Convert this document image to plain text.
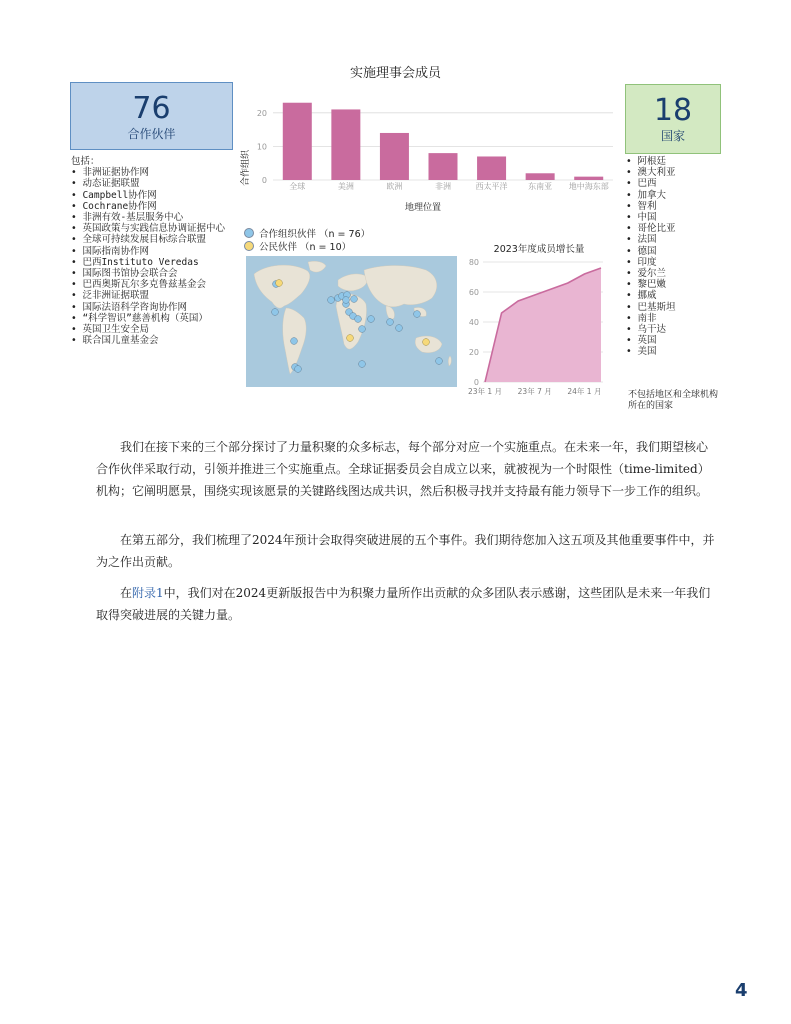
实施理事会成员
76
合作伙伴
18
国家
包括：
• 非洲证据协作网
• 动态证据联盟
• Campbell协作网
• Cochrane协作网
• 非洲有效-基层服务中心
• 英国政策与实践信息协调证据中心
• 全球可持续发展目标综合联盟
• 国际指南协作网
• 巴西Instituto Veredas
• 国际图书馆协会联合会
• 巴西奥斯瓦尔多克鲁兹基金会
• 泛非洲证据联盟
• 国际法语科学咨询协作网
• “科学智识”慈善机构（英国）
• 英国卫生安全局
• 联合国儿童基金会
• 阿根廷
• 澳大利亚
• 巴西
• 加拿大
• 智利
• 中国
• 哥伦比亚
• 法国
• 德国
• 印度
• 爱尔兰
• 黎巴嫩
• 挪威
• 巴基斯坦
• 南非
• 乌干达
• 英国
• 美国
不包括地区和全球机构所在的国家
0
10
20
全球	美洲	欧洲	非洲	西太平洋	东南亚 地中海东部
地理位置
合作组织
合作组织伙伴 （n = 76）
公民伙伴 （n = 10）	2023年度成员增长量
0
20
40
60
80
23年 1 月 23年 7 月 24年 1 月
我们在接下来的三个部分探讨了力量积聚的众多标志，每个部分对应一个实施重点。在未来一年，我们期望核心合作伙伴采取行动，引领并推进三个实施重点。全球证据委员会自成立以来，就被视为一个时限性（time-limited）机构；它阐明愿景，围绕实现该愿景的关键路线图达成共识，然后积极寻找并支持最有能力领导下一步工作的组织。
在第五部分，我们梳理了2024年预计会取得突破进展的五个事件。我们期待您加入这五项及其他重要事件中，并为之作出贡献。
在附录1中，我们对在2024更新版报告中为积聚力量所作出贡献的众多团队表示感谢，这些团队是未来一年我们取得突破进展的关键力量。
4
